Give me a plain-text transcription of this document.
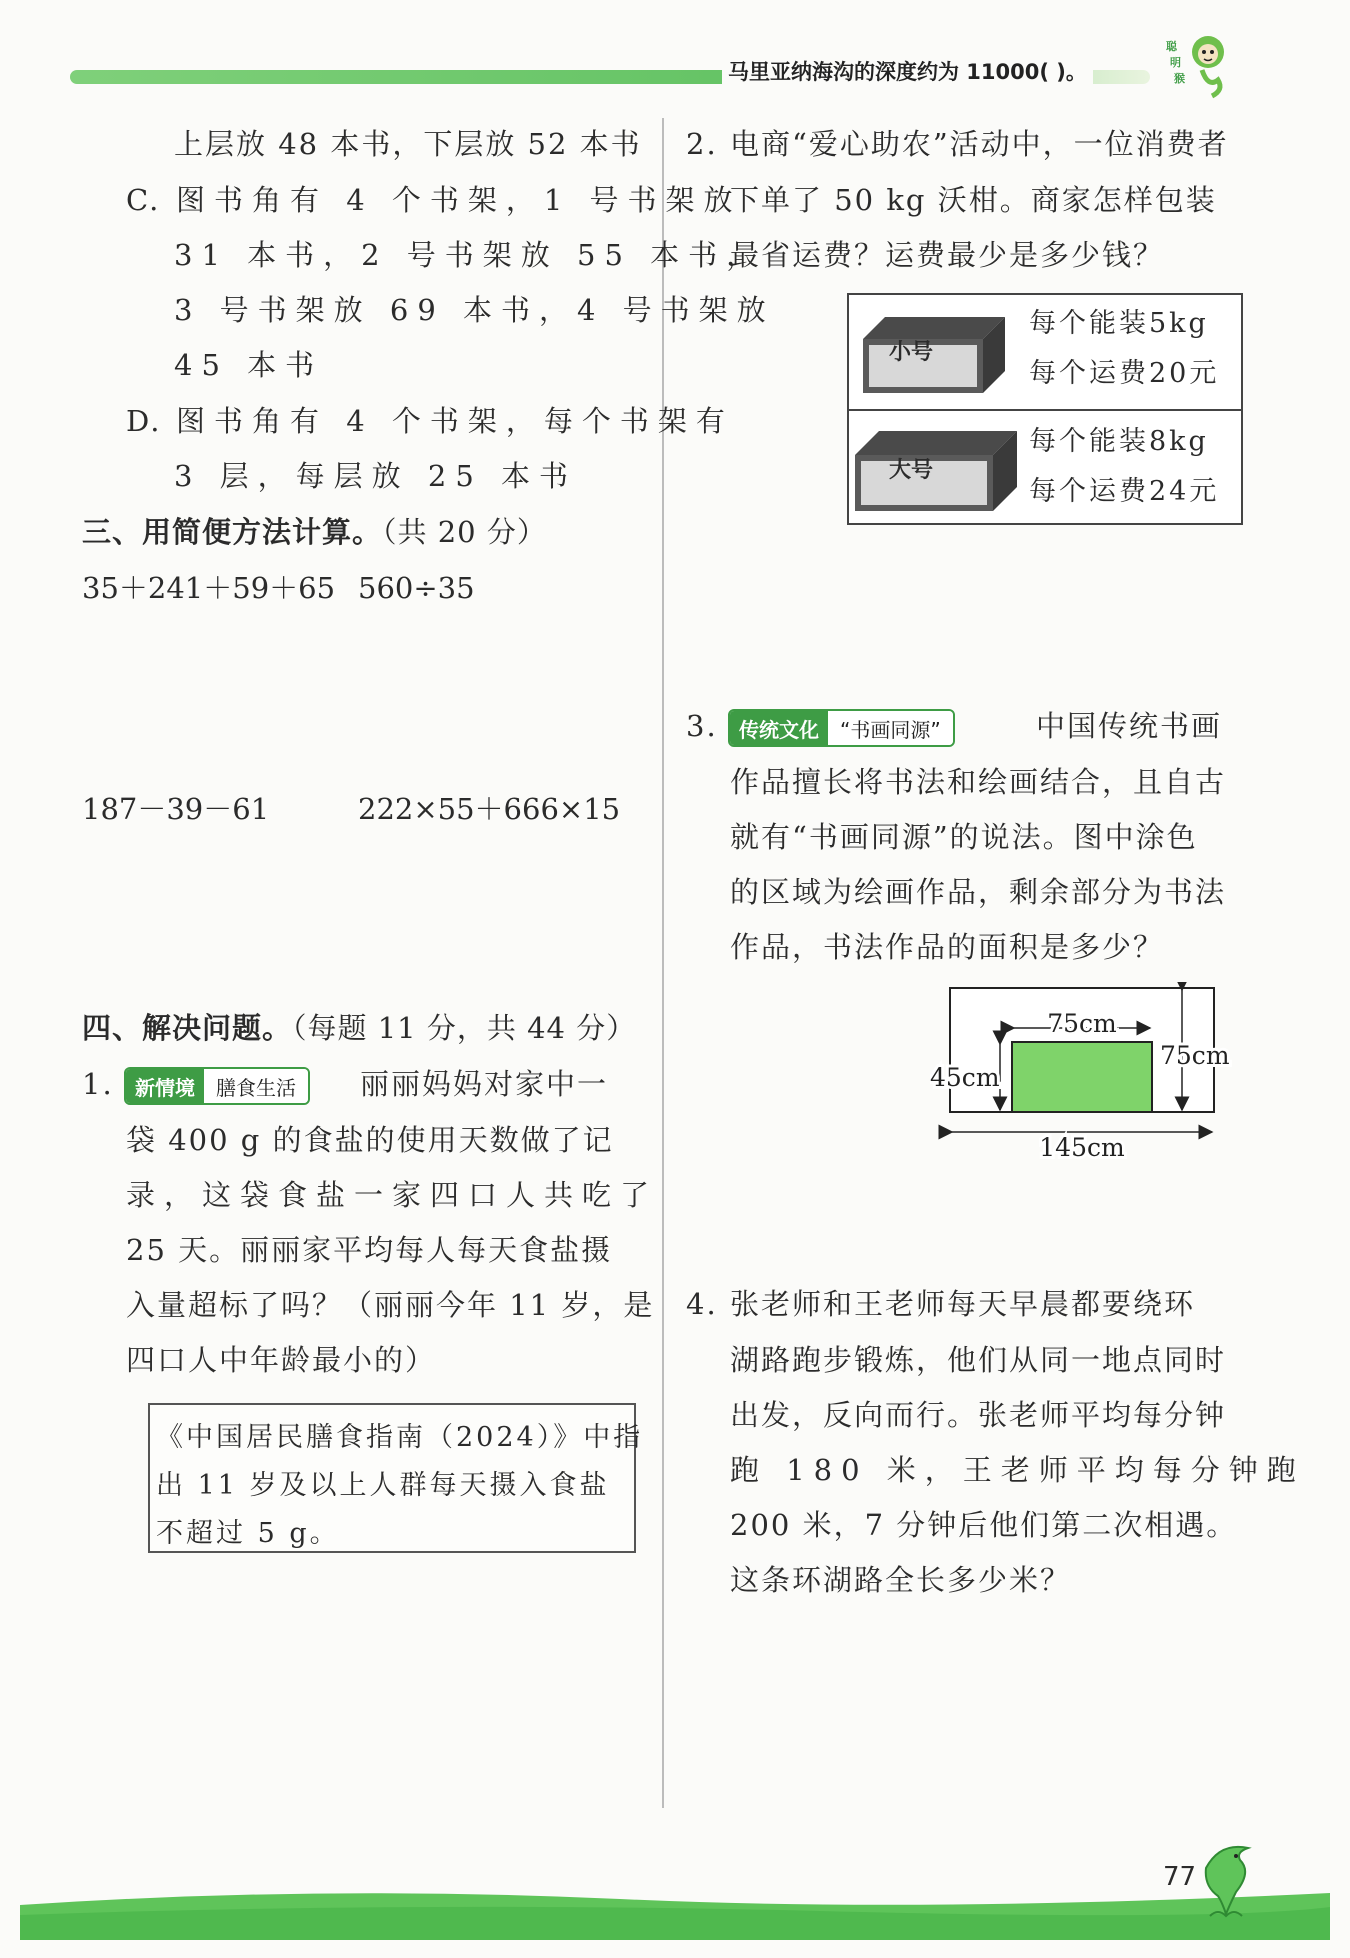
马里亚纳海沟的深度约为 11000( )。
聪
明
猴
上层放 48 本书，下层放 52 本书
C. 图书角有 4 个书架，1 号书架放
31 本书，2 号书架放 55 本书，
3 号书架放 69 本书，4 号书架放
45 本书
D. 图书角有 4 个书架，每个书架有
3 层，每层放 25 本书
三、用简便方法计算。（共 20 分）
35＋241＋59＋65 560÷35
187－39－61	222×55＋666×15
四、解决问题。（每题 11 分，共 44 分）
1.	新情境	膳食生活	丽丽妈妈对家中一
袋 400 g 的食盐的使用天数做了记
录，这袋食盐一家四口人共吃了
25 天。丽丽家平均每人每天食盐摄
入量超标了吗？（丽丽今年 11 岁，是
四口人中年龄最小的）
《中国居民膳食指南（2024）》中指
出 11 岁及以上人群每天摄入食盐
不超过 5 g。
2. 电商“爱心助农”活动中，一位消费者
下单了 50 kg 沃柑。商家怎样包装
最省运费？运费最少是多少钱？
小号
每个能装5kg
每个运费20元
大号
每个能装8kg
每个运费24元
3.	传统文化	“书画同源”	中国传统书画
作品擅长将书法和绘画结合，且自古
就有“书画同源”的说法。图中涂色
的区域为绘画作品，剩余部分为书法
作品，书法作品的面积是多少？
75cm
45cm
75cm
145cm
4. 张老师和王老师每天早晨都要绕环
湖路跑步锻炼，他们从同一地点同时
出发，反向而行。张老师平均每分钟
跑 180 米，王老师平均每分钟跑
200 米，7 分钟后他们第二次相遇。
这条环湖路全长多少米？
77
